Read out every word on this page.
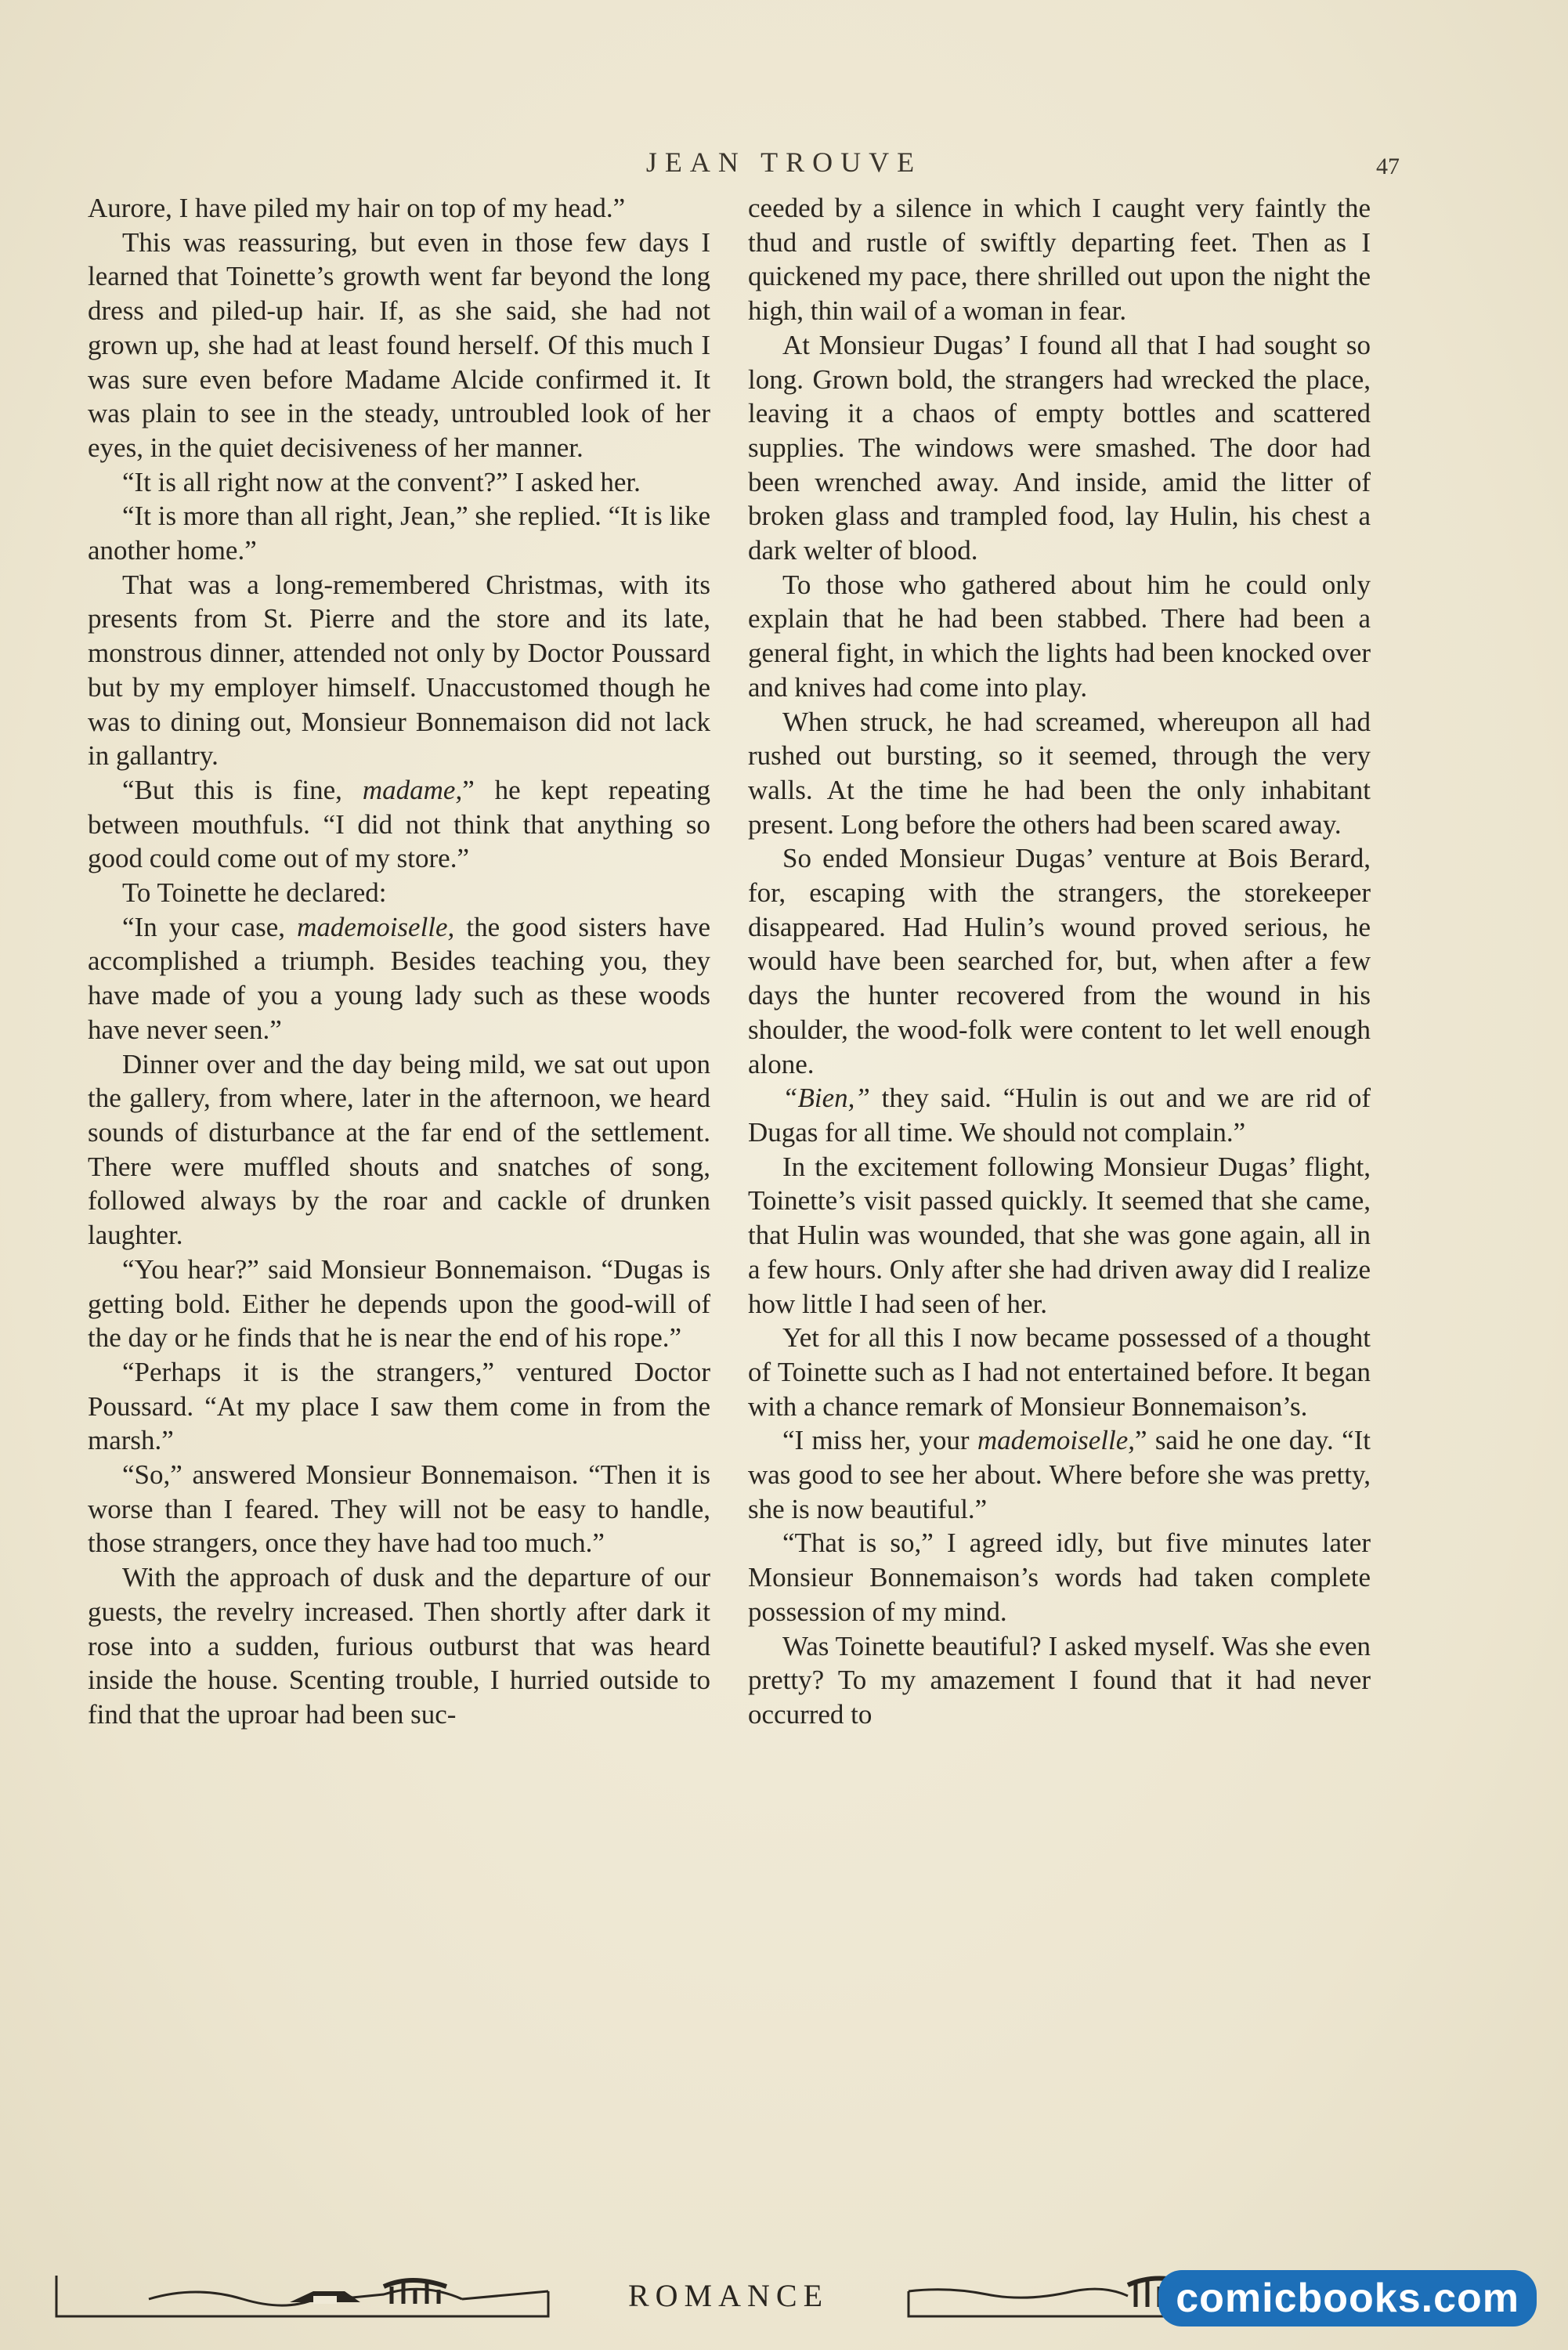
JEAN TROUVE	47

Aurore, I have piled my hair on top of my head.”

This was reassuring, but even in those few days I learned that Toinette’s growth went far beyond the long dress and piled-up hair. If, as she said, she had not grown up, she had at least found herself. Of this much I was sure even before Madame Alcide confirmed it. It was plain to see in the steady, untroubled look of her eyes, in the quiet decisiveness of her manner.

“It is all right now at the convent?” I asked her.

“It is more than all right, Jean,” she replied. “It is like another home.”

That was a long-remembered Christmas, with its presents from St. Pierre and the store and its late, monstrous dinner, attended not only by Doctor Poussard but by my employer himself. Unaccustomed though he was to dining out, Monsieur Bonnemaison did not lack in gallantry.

“But this is fine, madame,” he kept repeating between mouthfuls. “I did not think that anything so good could come out of my store.”

To Toinette he declared:

“In your case, mademoiselle, the good sisters have accomplished a triumph. Besides teaching you, they have made of you a young lady such as these woods have never seen.”

Dinner over and the day being mild, we sat out upon the gallery, from where, later in the afternoon, we heard sounds of disturbance at the far end of the settlement. There were muffled shouts and snatches of song, followed always by the roar and cackle of drunken laughter.

“You hear?” said Monsieur Bonnemaison. “Dugas is getting bold. Either he depends upon the good-will of the day or he finds that he is near the end of his rope.”

“Perhaps it is the strangers,” ventured Doctor Poussard. “At my place I saw them come in from the marsh.”

“So,” answered Monsieur Bonnemaison. “Then it is worse than I feared. They will not be easy to handle, those strangers, once they have had too much.”

With the approach of dusk and the departure of our guests, the revelry increased. Then shortly after dark it rose into a sudden, furious outburst that was heard inside the house. Scenting trouble, I hurried outside to find that the uproar had been suc-

ceeded by a silence in which I caught very faintly the thud and rustle of swiftly departing feet. Then as I quickened my pace, there shrilled out upon the night the high, thin wail of a woman in fear.

At Monsieur Dugas’ I found all that I had sought so long. Grown bold, the strangers had wrecked the place, leaving it a chaos of empty bottles and scattered supplies. The windows were smashed. The door had been wrenched away. And inside, amid the litter of broken glass and trampled food, lay Hulin, his chest a dark welter of blood.

To those who gathered about him he could only explain that he had been stabbed. There had been a general fight, in which the lights had been knocked over and knives had come into play.

When struck, he had screamed, whereupon all had rushed out bursting, so it seemed, through the very walls. At the time he had been the only inhabitant present. Long before the others had been scared away.

So ended Monsieur Dugas’ venture at Bois Berard, for, escaping with the strangers, the storekeeper disappeared. Had Hulin’s wound proved serious, he would have been searched for, but, when after a few days the hunter recovered from the wound in his shoulder, the wood-folk were content to let well enough alone.

“Bien,” they said. “Hulin is out and we are rid of Dugas for all time. We should not complain.”

In the excitement following Monsieur Dugas’ flight, Toinette’s visit passed quickly. It seemed that she came, that Hulin was wounded, that she was gone again, all in a few hours. Only after she had driven away did I realize how little I had seen of her.

Yet for all this I now became possessed of a thought of Toinette such as I had not entertained before. It began with a chance remark of Monsieur Bonnemaison’s.

“I miss her, your mademoiselle,” said he one day. “It was good to see her about. Where before she was pretty, she is now beautiful.”

“That is so,” I agreed idly, but five minutes later Monsieur Bonnemaison’s words had taken complete possession of my mind.

Was Toinette beautiful? I asked myself. Was she even pretty? To my amazement I found that it had never occurred to

ROMANCE	comicbooks.com
